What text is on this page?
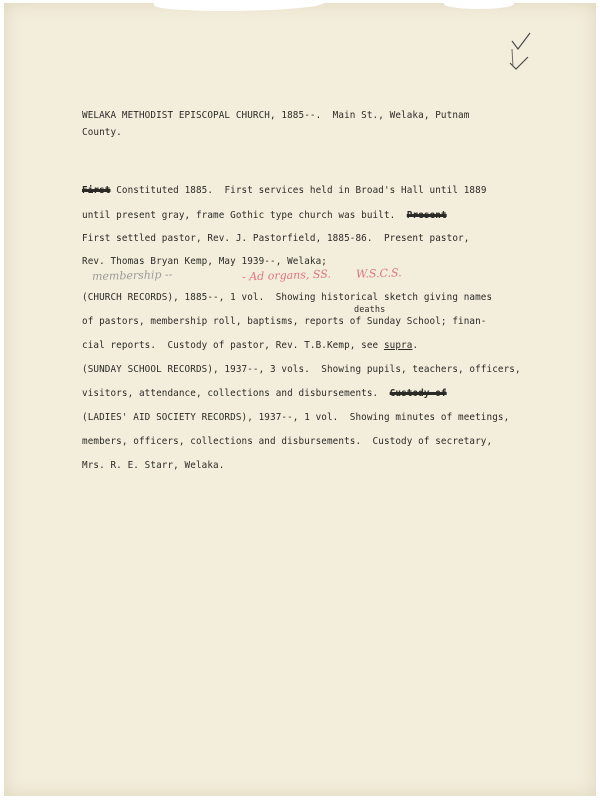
WELAKA METHODIST EPISCOPAL CHURCH, 1885--.  Main St., Welaka, Putnam
County.
First Constituted 1885.  First services held in Broad's Hall until 1889
until present gray, frame Gothic type church was built. Present
First settled pastor, Rev. J. Pastorfield, 1885-86.  Present pastor,
Rev. Thomas Bryan Kemp, May 1939--, Welaka;
membership --	- Ad organs, SS. W.S.C.S.
(CHURCH RECORDS), 1885--, 1 vol.  Showing historical sketch giving names
deaths
of pastors, membership roll, baptisms, reports of Sunday School; finan-
cial reports.  Custody of pastor, Rev. T.B.Kemp, see supra.
(SUNDAY SCHOOL RECORDS), 1937--, 3 vols.  Showing pupils, teachers, officers,
visitors, attendance, collections and disbursements. Custody of
(LADIES' AID SOCIETY RECORDS), 1937--, 1 vol.  Showing minutes of meetings,
members, officers, collections and disbursements.  Custody of secretary,
Mrs. R. E. Starr, Welaka.
